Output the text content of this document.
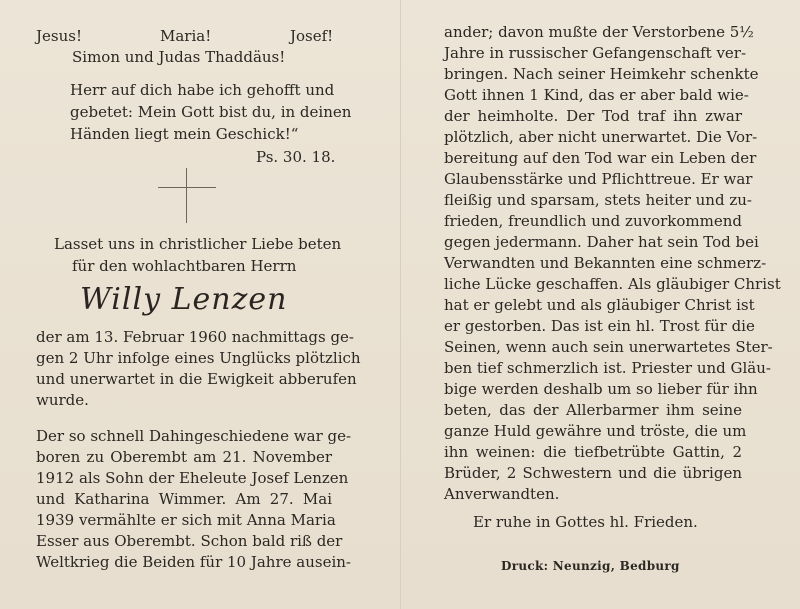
Jesus!	Maria!	Josef!
Simon und Judas Thaddäus!
Herr auf dich habe ich gehofft und
gebetet: Mein Gott bist du, in deinen
Händen liegt mein Geschick!“
Ps. 30. 18.
Lasset uns in christlicher Liebe beten
für den wohlachtbaren Herrn
Willy Lenzen
der am 13. Februar 1960 nachmittags ge-
gen 2 Uhr infolge eines Unglücks plötzlich
und unerwartet in die Ewigkeit abberufen
wurde.
Der so schnell Dahingeschiedene war ge-
boren zu Oberembt am 21. November
1912 als Sohn der Eheleute Josef Lenzen
und Katharina Wimmer. Am 27. Mai
1939 vermählte er sich mit Anna Maria
Esser aus Oberembt. Schon bald riß der
Weltkrieg die Beiden für 10 Jahre ausein-
ander; davon mußte der Verstorbene 5½
Jahre in russischer Gefangenschaft ver-
bringen. Nach seiner Heimkehr schenkte
Gott ihnen 1 Kind, das er aber bald wie-
der heimholte. Der Tod traf ihn zwar
plötzlich, aber nicht unerwartet. Die Vor-
bereitung auf den Tod war ein Leben der
Glaubensstärke und Pflichttreue. Er war
fleißig und sparsam, stets heiter und zu-
frieden, freundlich und zuvorkommend
gegen jedermann. Daher hat sein Tod bei
Verwandten und Bekannten eine schmerz-
liche Lücke geschaffen. Als gläubiger Christ
hat er gelebt und als gläubiger Christ ist
er gestorben. Das ist ein hl. Trost für die
Seinen, wenn auch sein unerwartetes Ster-
ben tief schmerzlich ist. Priester und Gläu-
bige werden deshalb um so lieber für ihn
beten, das der Allerbarmer ihm seine
ganze Huld gewähre und tröste, die um
ihn weinen: die tiefbetrübte Gattin, 2
Brüder, 2 Schwestern und die übrigen
Anverwandten.
Er ruhe in Gottes hl. Frieden.
Druck: Neunzig, Bedburg
